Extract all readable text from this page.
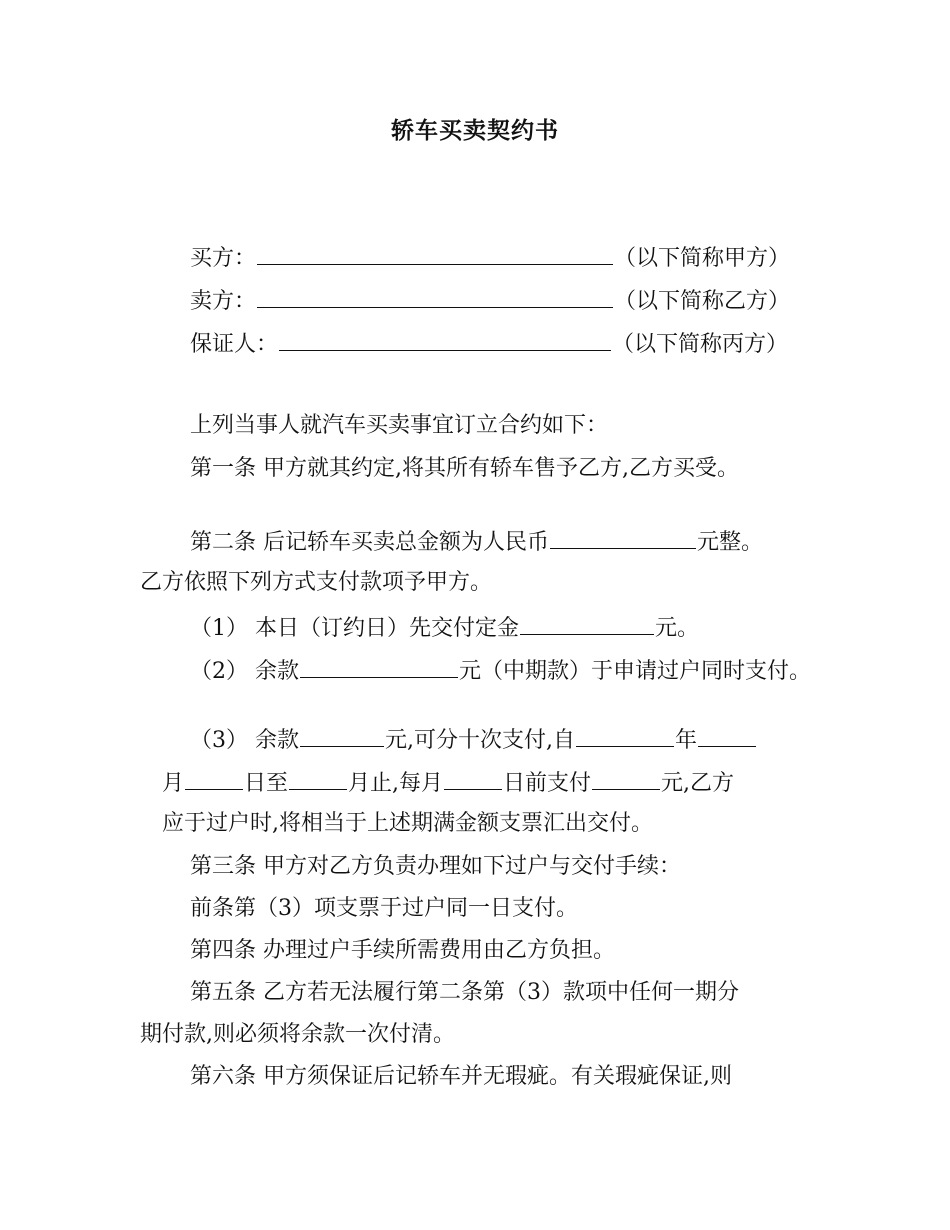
轿车买卖契约书
买方：	（以下简称甲方）
卖方：	（以下简称乙方）
保证人：	（以下简称丙方）
上列当事人就汽车买卖事宜订立合约如下：
第一条 甲方就其约定,将其所有轿车售予乙方,乙方买受。
第二条 后记轿车买卖总金额为人民币	元整。
乙方依照下列方式支付款项予甲方。
（1） 本日（订约日）先交付定金	元。
（2） 余款	元（中期款）于申请过户同时支付。
（3） 余款	元,可分十次支付,自	年
月	日至	月止,每月	日前支付	元,乙方
应于过户时,将相当于上述期满金额支票汇出交付。
第三条 甲方对乙方负责办理如下过户与交付手续：
前条第（3）项支票于过户同一日支付。
第四条 办理过户手续所需费用由乙方负担。
第五条 乙方若无法履行第二条第（3）款项中任何一期分
期付款,则必须将余款一次付清。
第六条 甲方须保证后记轿车并无瑕疵。有关瑕疵保证,则
